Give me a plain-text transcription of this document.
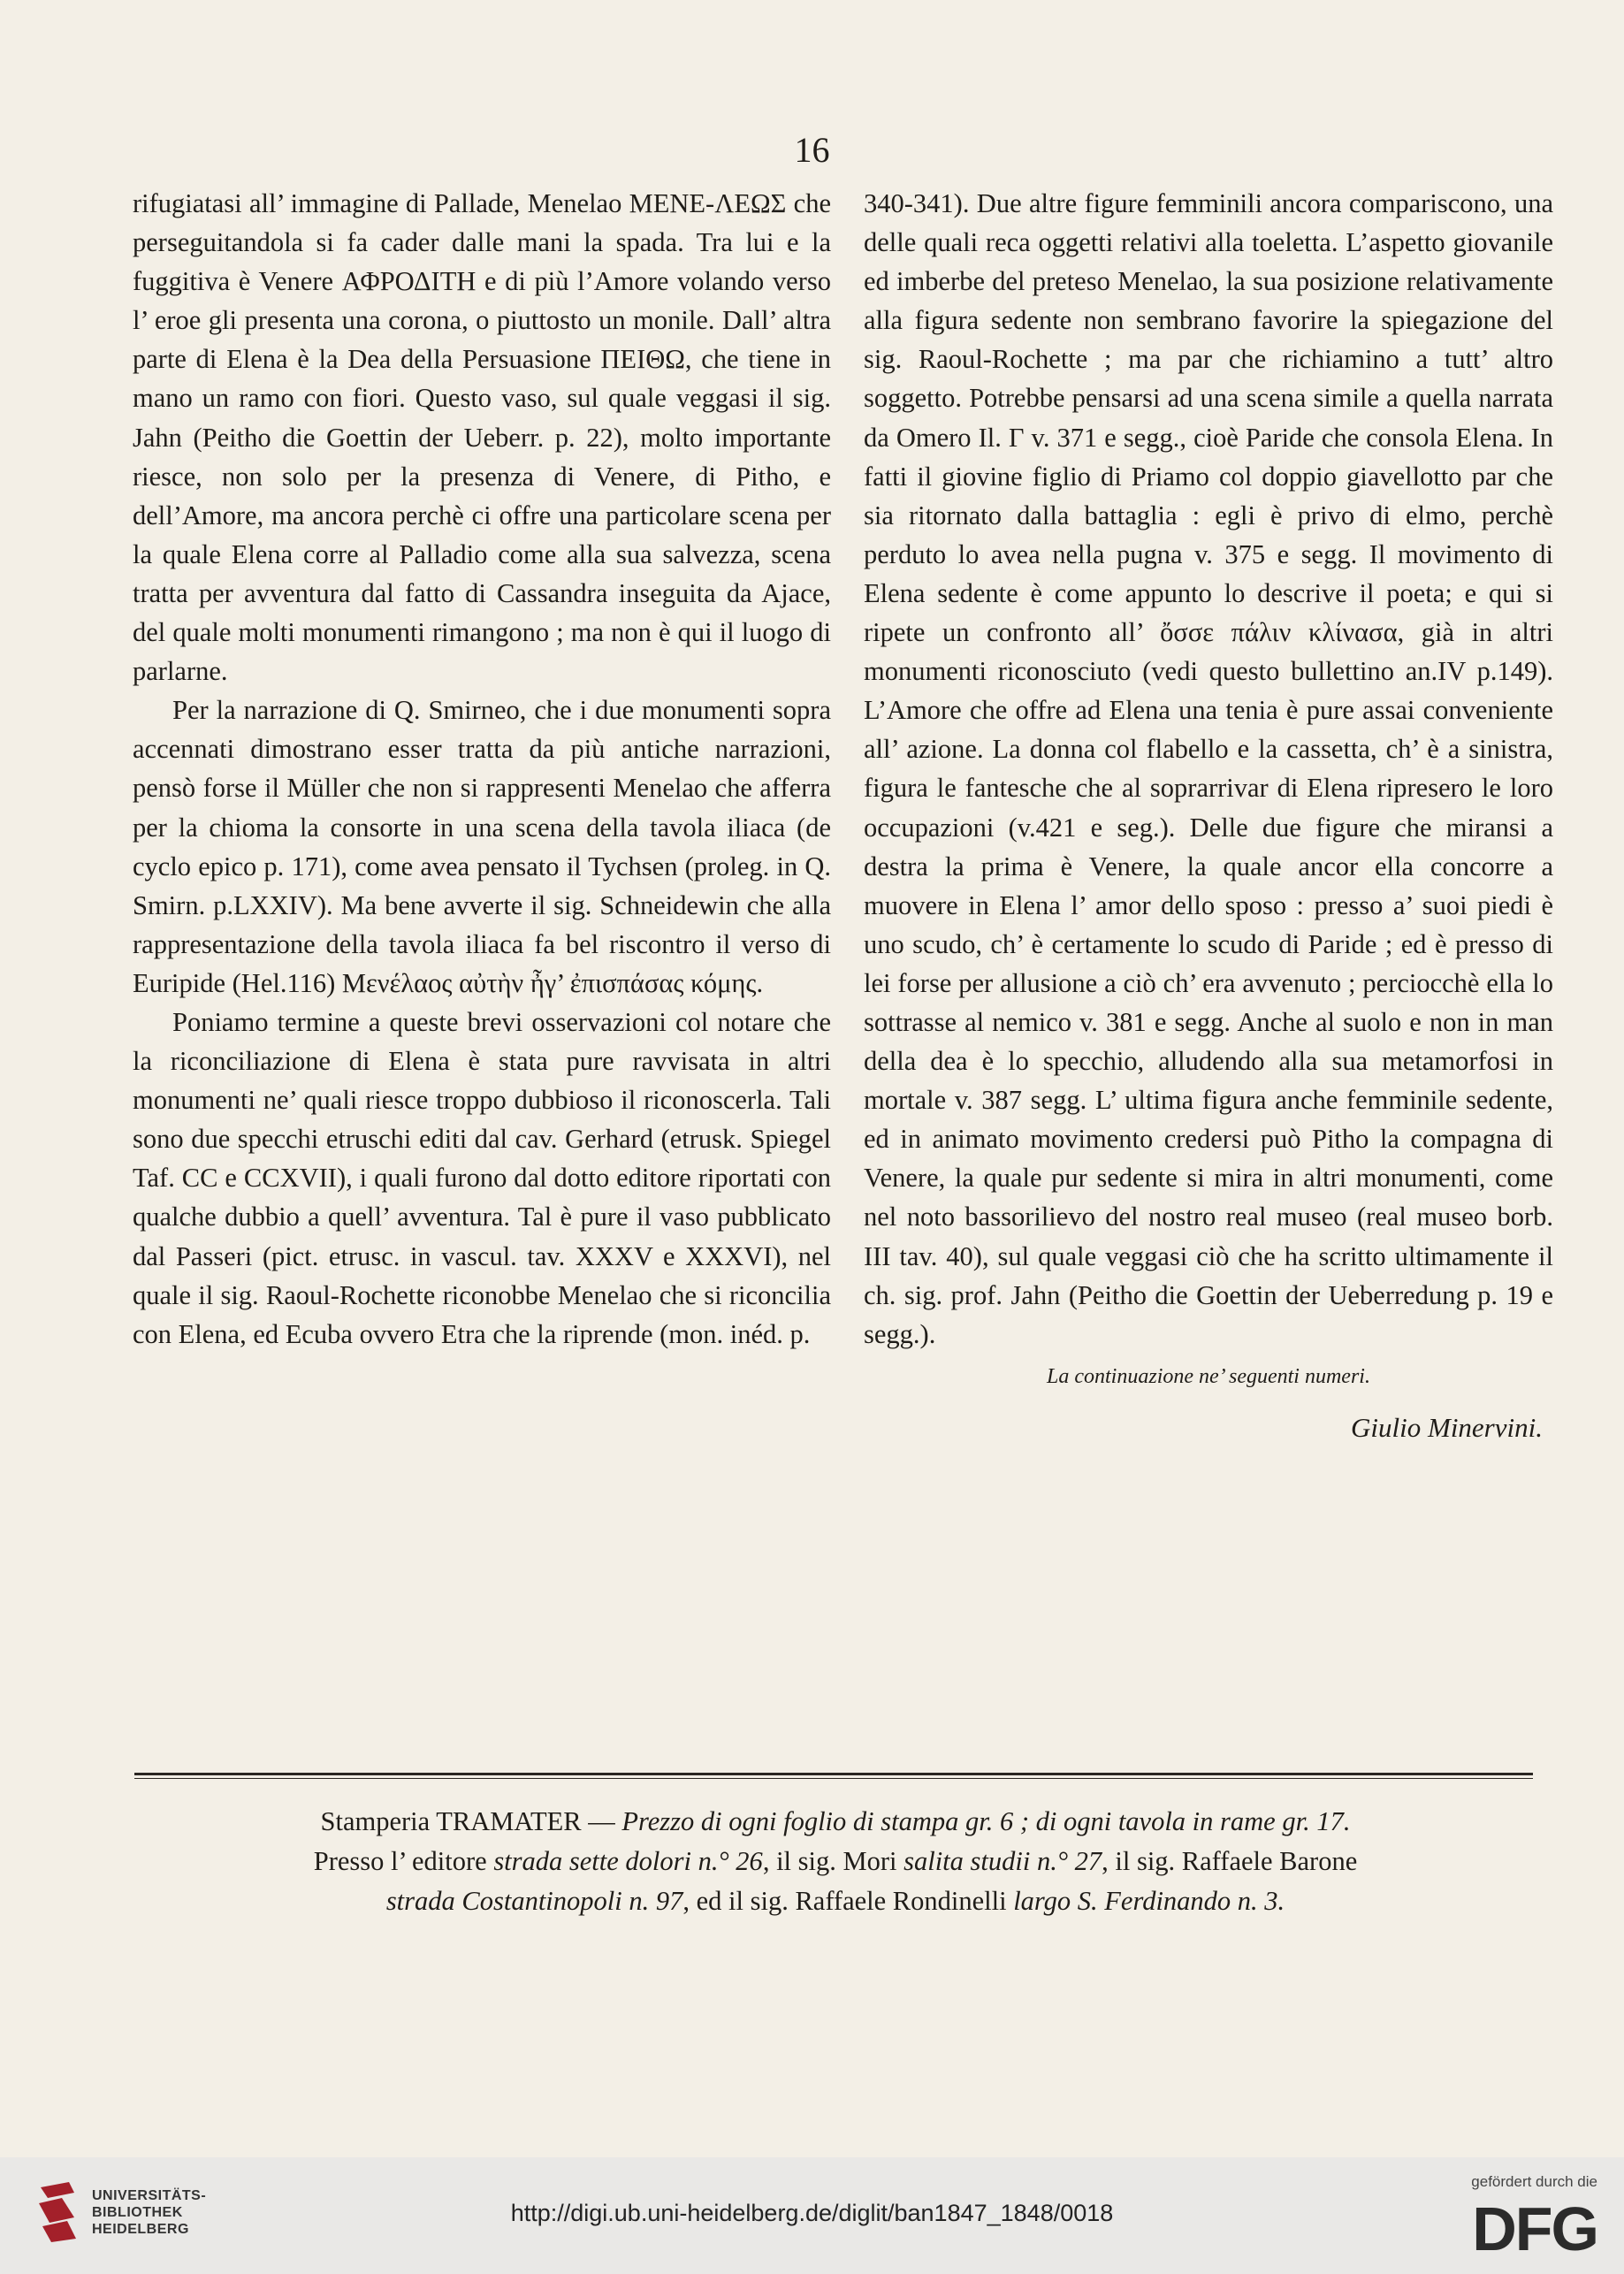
16

rifugiatasi all’ immagine di Pallade, Menelao ΜΕΝΕ-ΛΕΩΣ che perseguitandola si fa cader dalle mani la spada. Tra lui e la fuggitiva è Venere ΑΦΡΟΔΙΤΗ e di più l’Amore volando verso l’ eroe gli presenta una corona, o piuttosto un monile. Dall’ altra parte di Elena è la Dea della Persuasione ΠΕΙΘΩ, che tiene in mano un ramo con fiori. Questo vaso, sul quale veggasi il sig. Jahn (Peitho die Goettin der Ueberr. p. 22), molto importante riesce, non solo per la presenza di Venere, di Pitho, e dell’Amore, ma ancora perchè ci offre una particolare scena per la quale Elena corre al Palladio come alla sua salvezza, scena tratta per avventura dal fatto di Cassandra inseguita da Ajace, del quale molti monumenti rimangono ; ma non è qui il luogo di parlarne.

Per la narrazione di Q. Smirneo, che i due monumenti sopra accennati dimostrano esser tratta da più antiche narrazioni, pensò forse il Müller che non si rappresenti Menelao che afferra per la chioma la consorte in una scena della tavola iliaca (de cyclo epico p. 171), come avea pensato il Tychsen (proleg. in Q. Smirn. p.LXXIV). Ma bene avverte il sig. Schneidewin che alla rappresentazione della tavola iliaca fa bel riscontro il verso di Euripide (Hel.116) Μενέλαος αὐτὴν ἦγ’ ἐπισπάσας κόμης.

Poniamo termine a queste brevi osservazioni col notare che la riconciliazione di Elena è stata pure ravvisata in altri monumenti ne’ quali riesce troppo dubbioso il riconoscerla. Tali sono due specchi etruschi editi dal cav. Gerhard (etrusk. Spiegel Taf. CC e CCXVII), i quali furono dal dotto editore riportati con qualche dubbio a quell’ avventura. Tal è pure il vaso pubblicato dal Passeri (pict. etrusc. in vascul. tav. XXXV e XXXVI), nel quale il sig. Raoul-Rochette riconobbe Menelao che si riconcilia con Elena, ed Ecuba ovvero Etra che la riprende (mon. inéd. p.

340-341). Due altre figure femminili ancora compariscono, una delle quali reca oggetti relativi alla toeletta. L’aspetto giovanile ed imberbe del preteso Menelao, la sua posizione relativamente alla figura sedente non sembrano favorire la spiegazione del sig. Raoul-Rochette ; ma par che richiamino a tutt’ altro soggetto. Potrebbe pensarsi ad una scena simile a quella narrata da Omero Il. Γ v. 371 e segg., cioè Paride che consola Elena. In fatti il giovine figlio di Priamo col doppio giavellotto par che sia ritornato dalla battaglia : egli è privo di elmo, perchè perduto lo avea nella pugna v. 375 e segg. Il movimento di Elena sedente è come appunto lo descrive il poeta; e qui si ripete un confronto all’ ὄσσε πάλιν κλίνασα, già in altri monumenti riconosciuto (vedi questo bullettino an.IV p.149). L’Amore che offre ad Elena una tenia è pure assai conveniente all’ azione. La donna col flabello e la cassetta, ch’ è a sinistra, figura le fantesche che al soprarrivar di Elena ripresero le loro occupazioni (v.421 e seg.). Delle due figure che miransi a destra la prima è Venere, la quale ancor ella concorre a muovere in Elena l’ amor dello sposo : presso a’ suoi piedi è uno scudo, ch’ è certamente lo scudo di Paride ; ed è presso di lei forse per allusione a ciò ch’ era avvenuto ; perciocchè ella lo sottrasse al nemico v. 381 e segg. Anche al suolo e non in man della dea è lo specchio, alludendo alla sua metamorfosi in mortale v. 387 segg. L’ ultima figura anche femminile sedente, ed in animato movimento credersi può Pitho la compagna di Venere, la quale pur sedente si mira in altri monumenti, come nel noto bassorilievo del nostro real museo (real museo borb. III tav. 40), sul quale veggasi ciò che ha scritto ultimamente il ch. sig. prof. Jahn (Peitho die Goettin der Ueberredung p. 19 e segg.).

La continuazione ne’ seguenti numeri.

Giulio Minervini.

Stamperia TRAMATER — Prezzo di ogni foglio di stampa gr. 6 ; di ogni tavola in rame gr. 17.
Presso l’ editore strada sette dolori n.° 26, il sig. Mori salita studii n.° 27, il sig. Raffaele Barone
strada Costantinopoli n. 97, ed il sig. Raffaele Rondinelli largo S. Ferdinando n. 3.
UNIVERSITÄTS-
BIBLIOTHEK
HEIDELBERG
http://digi.ub.uni-heidelberg.de/diglit/ban1847_1848/0018
gefördert durch die
DFG
